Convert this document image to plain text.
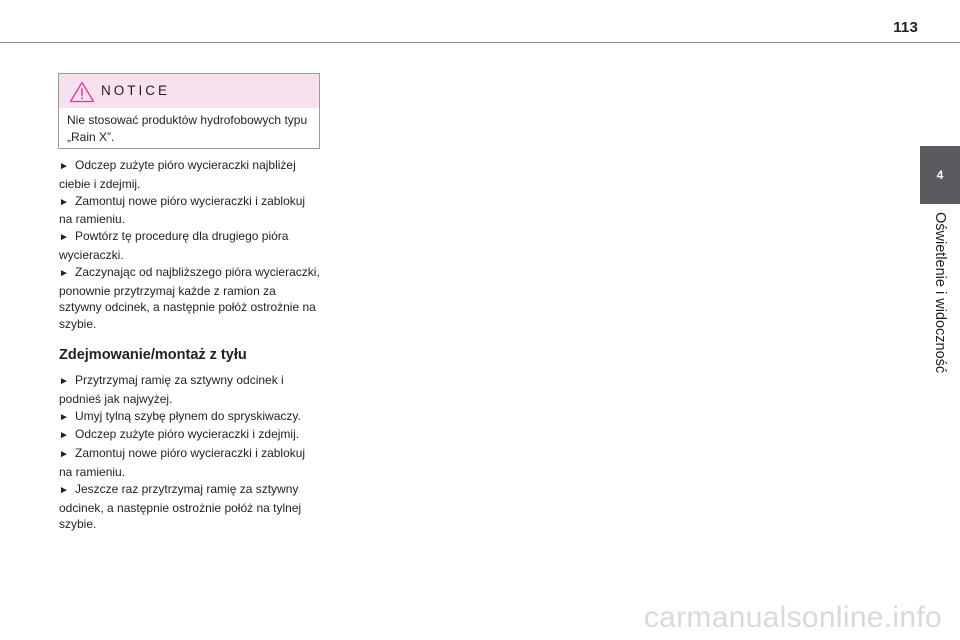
113
4
Oświetlenie i widoczność
NOTICE
Nie stosować produktów hydrofobowych typu „Rain X”.

► Odczep zużyte pióro wycieraczki najbliżej ciebie i zdejmij.

► Zamontuj nowe pióro wycieraczki i zablokuj na ramieniu.

► Powtórz tę procedurę dla drugiego pióra wycieraczki.

► Zaczynając od najbliższego pióra wycieraczki, ponownie przytrzymaj każde z ramion za sztywny odcinek, a następnie połóż ostrożnie na szybie.

Zdejmowanie/montaż z tyłu

► Przytrzymaj ramię za sztywny odcinek i podnieś jak najwyżej.

► Umyj tylną szybę płynem do spryskiwaczy.

► Odczep zużyte pióro wycieraczki i zdejmij.

► Zamontuj nowe pióro wycieraczki i zablokuj na ramieniu.

► Jeszcze raz przytrzymaj ramię za sztywny odcinek, a następnie ostrożnie połóż na tylnej szybie.

carmanualsonline.info
